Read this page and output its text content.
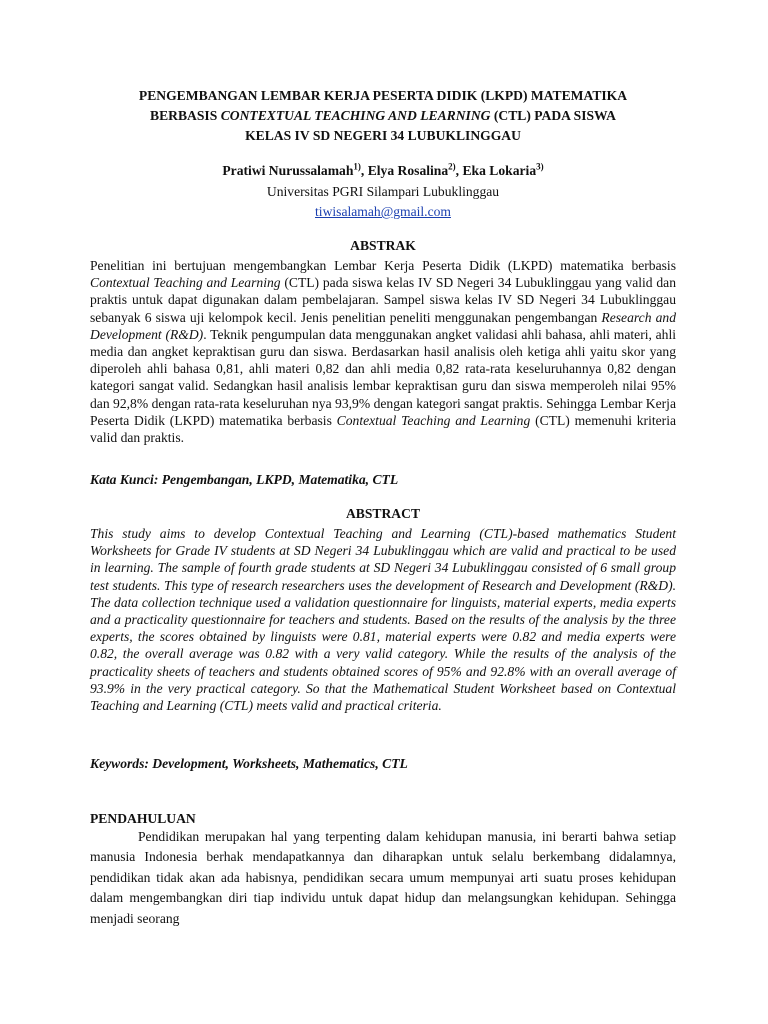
PENGEMBANGAN LEMBAR KERJA PESERTA DIDIK (LKPD) MATEMATIKA
BERBASIS CONTEXTUAL TEACHING AND LEARNING (CTL) PADA SISWA
KELAS IV SD NEGERI 34 LUBUKLINGGAU
Pratiwi Nurussalamah$^{1)}$, Elya Rosalina$^{2)}$, Eka Lokaria$^{3)}$
Universitas PGRI Silampari Lubuklinggau
tiwisalamah@gmail.com
ABSTRAK
Penelitian ini bertujuan mengembangkan Lembar Kerja Peserta Didik (LKPD) matematika berbasis Contextual Teaching and Learning (CTL) pada siswa kelas IV SD Negeri 34 Lubuklinggau yang valid dan praktis untuk dapat digunakan dalam pembelajaran. Sampel siswa kelas IV SD Negeri 34 Lubuklinggau sebanyak 6 siswa uji kelompok kecil. Jenis penelitian peneliti menggunakan pengembangan Research and Development (R&D). Teknik pengumpulan data menggunakan angket validasi ahli bahasa, ahli materi, ahli media dan angket kepraktisan guru dan siswa. Berdasarkan hasil analisis oleh ketiga ahli yaitu skor yang diperoleh ahli bahasa 0,81, ahli materi 0,82 dan ahli media 0,82 rata-rata keseluruhannya 0,82 dengan kategori sangat valid. Sedangkan hasil analisis lembar kepraktisan guru dan siswa memperoleh nilai 95% dan 92,8% dengan rata-rata keseluruhan nya 93,9% dengan kategori sangat praktis. Sehingga Lembar Kerja Peserta Didik (LKPD) matematika berbasis Contextual Teaching and Learning (CTL) memenuhi kriteria valid dan praktis.
Kata Kunci: Pengembangan, LKPD, Matematika, CTL
ABSTRACT
This study aims to develop Contextual Teaching and Learning (CTL)-based mathematics Student Worksheets for Grade IV students at SD Negeri 34 Lubuklinggau which are valid and practical to be used in learning. The sample of fourth grade students at SD Negeri 34 Lubuklinggau consisted of 6 small group test students. This type of research researchers uses the development of Research and Development (R&D). The data collection technique used a validation questionnaire for linguists, material experts, media experts and a practicality questionnaire for teachers and students. Based on the results of the analysis by the three experts, the scores obtained by linguists were 0.81, material experts were 0.82 and media experts were 0.82, the overall average was 0.82 with a very valid category. While the results of the analysis of the practicality sheets of teachers and students obtained scores of 95% and 92.8% with an overall average of 93.9% in the very practical category. So that the Mathematical Student Worksheet based on Contextual Teaching and Learning (CTL) meets valid and practical criteria.
Keywords: Development, Worksheets, Mathematics, CTL
PENDAHULUAN
Pendidikan merupakan hal yang terpenting dalam kehidupan manusia, ini berarti bahwa setiap manusia Indonesia berhak mendapatkannya dan diharapkan untuk selalu berkembang didalamnya, pendidikan tidak akan ada habisnya, pendidikan secara umum mempunyai arti suatu proses kehidupan dalam mengembangkan diri tiap individu untuk dapat hidup dan melangsungkan kehidupan. Sehingga menjadi seorang
